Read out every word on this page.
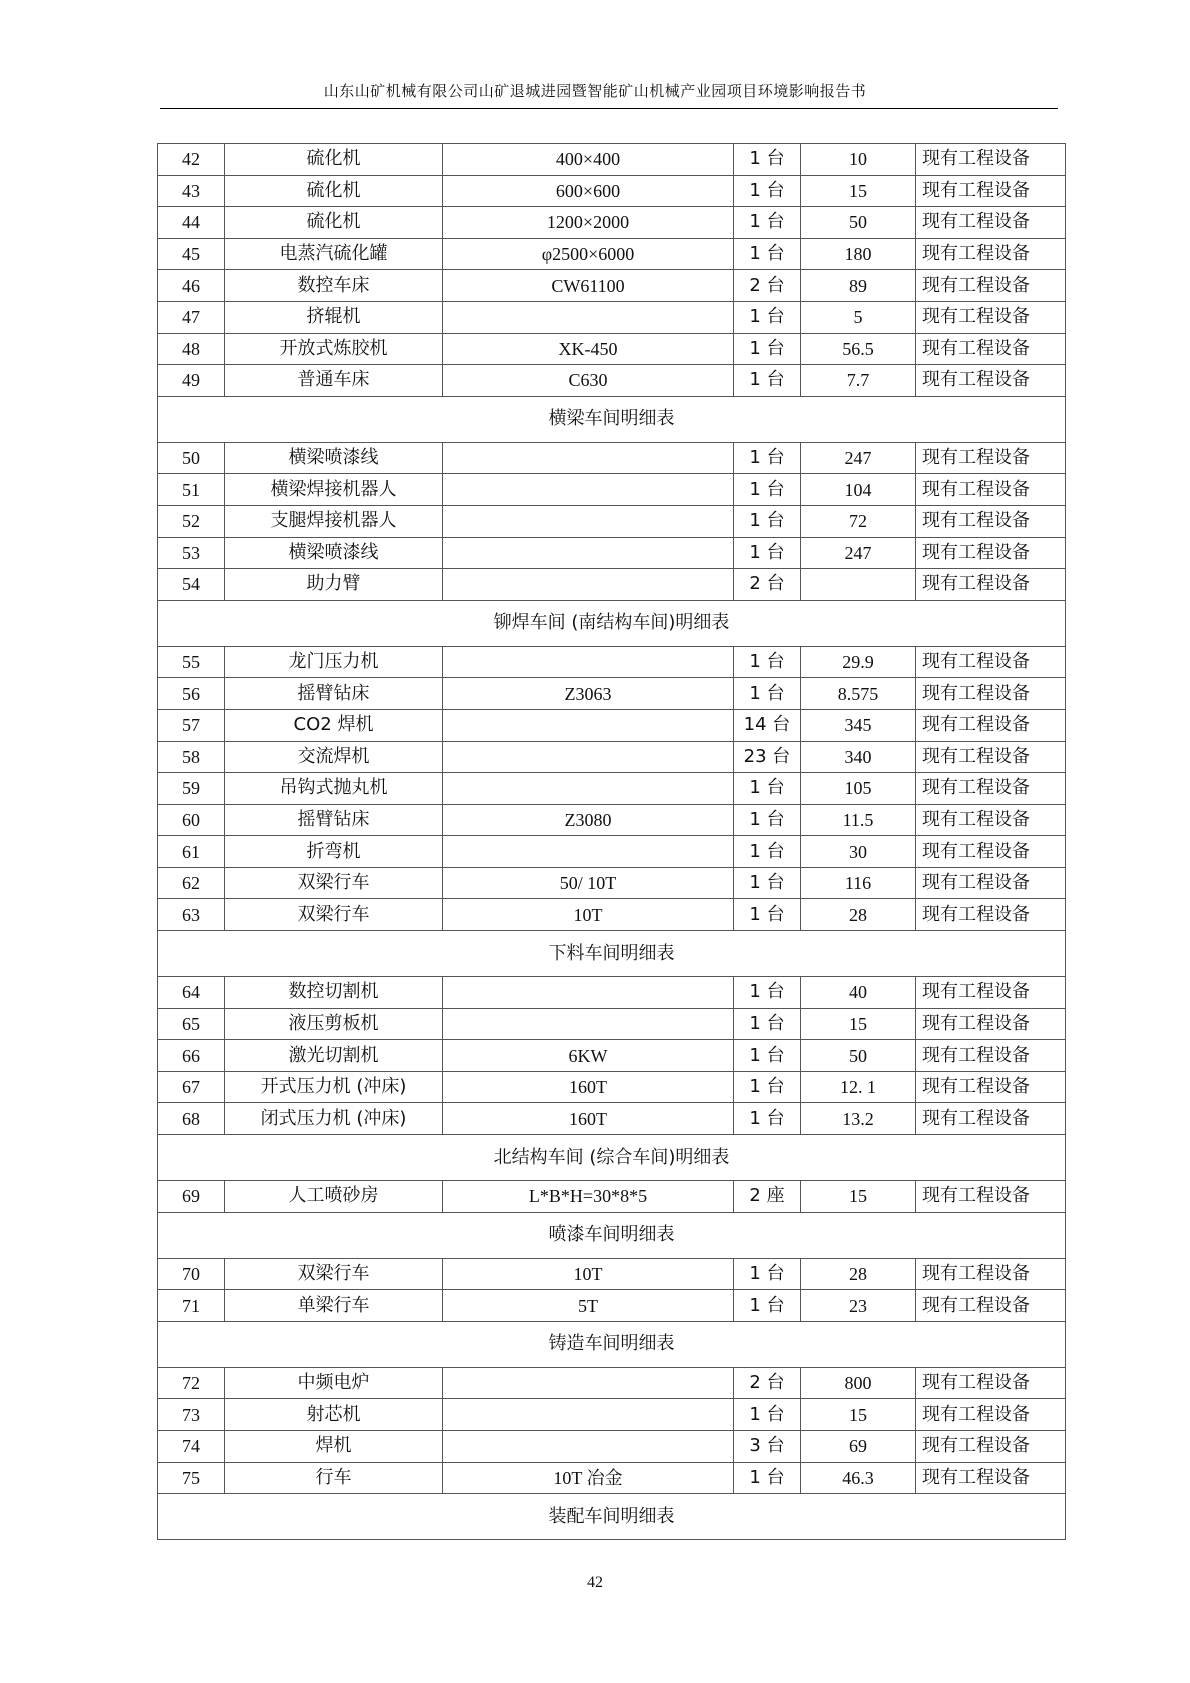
山东山矿机械有限公司山矿退城进园暨智能矿山机械产业园项目环境影响报告书
42	硫化机	400×400	1 台	10	现有工程设备
43	硫化机	600×600	1 台	15	现有工程设备
44	硫化机	1200×2000	1 台	50	现有工程设备
45	电蒸汽硫化罐	φ2500×6000	1 台	180	现有工程设备
46	数控车床	CW61100	2 台	89	现有工程设备
47	挤辊机		1 台	5	现有工程设备
48	开放式炼胶机	XK-450	1 台	56.5	现有工程设备
49	普通车床	C630	1 台	7.7	现有工程设备
横梁车间明细表					
50	横梁喷漆线		1 台	247	现有工程设备
51	横梁焊接机器人		1 台	104	现有工程设备
52	支腿焊接机器人		1 台	72	现有工程设备
53	横梁喷漆线		1 台	247	现有工程设备
54	助力臂		2 台		现有工程设备
铆焊车间 (南结构车间)明细表					
55	龙门压力机		1 台	29.9	现有工程设备
56	摇臂钻床	Z3063	1 台	8.575	现有工程设备
57	CO2 焊机		14 台	345	现有工程设备
58	交流焊机		23 台	340	现有工程设备
59	吊钩式抛丸机		1 台	105	现有工程设备
60	摇臂钻床	Z3080	1 台	11.5	现有工程设备
61	折弯机		1 台	30	现有工程设备
62	双梁行车	50/ 10T	1 台	116	现有工程设备
63	双梁行车	10T	1 台	28	现有工程设备
下料车间明细表					
64	数控切割机		1 台	40	现有工程设备
65	液压剪板机		1 台	15	现有工程设备
66	激光切割机	6KW	1 台	50	现有工程设备
67	开式压力机 (冲床)	160T	1 台	12. 1	现有工程设备
68	闭式压力机 (冲床)	160T	1 台	13.2	现有工程设备
北结构车间 (综合车间)明细表					
69	人工喷砂房	L*B*H=30*8*5	2 座	15	现有工程设备
喷漆车间明细表					
70	双梁行车	10T	1 台	28	现有工程设备
71	单梁行车	5T	1 台	23	现有工程设备
铸造车间明细表					
72	中频电炉		2 台	800	现有工程设备
73	射芯机		1 台	15	现有工程设备
74	焊机		3 台	69	现有工程设备
75	行车	10T 冶金	1 台	46.3	现有工程设备
装配车间明细表					
42
